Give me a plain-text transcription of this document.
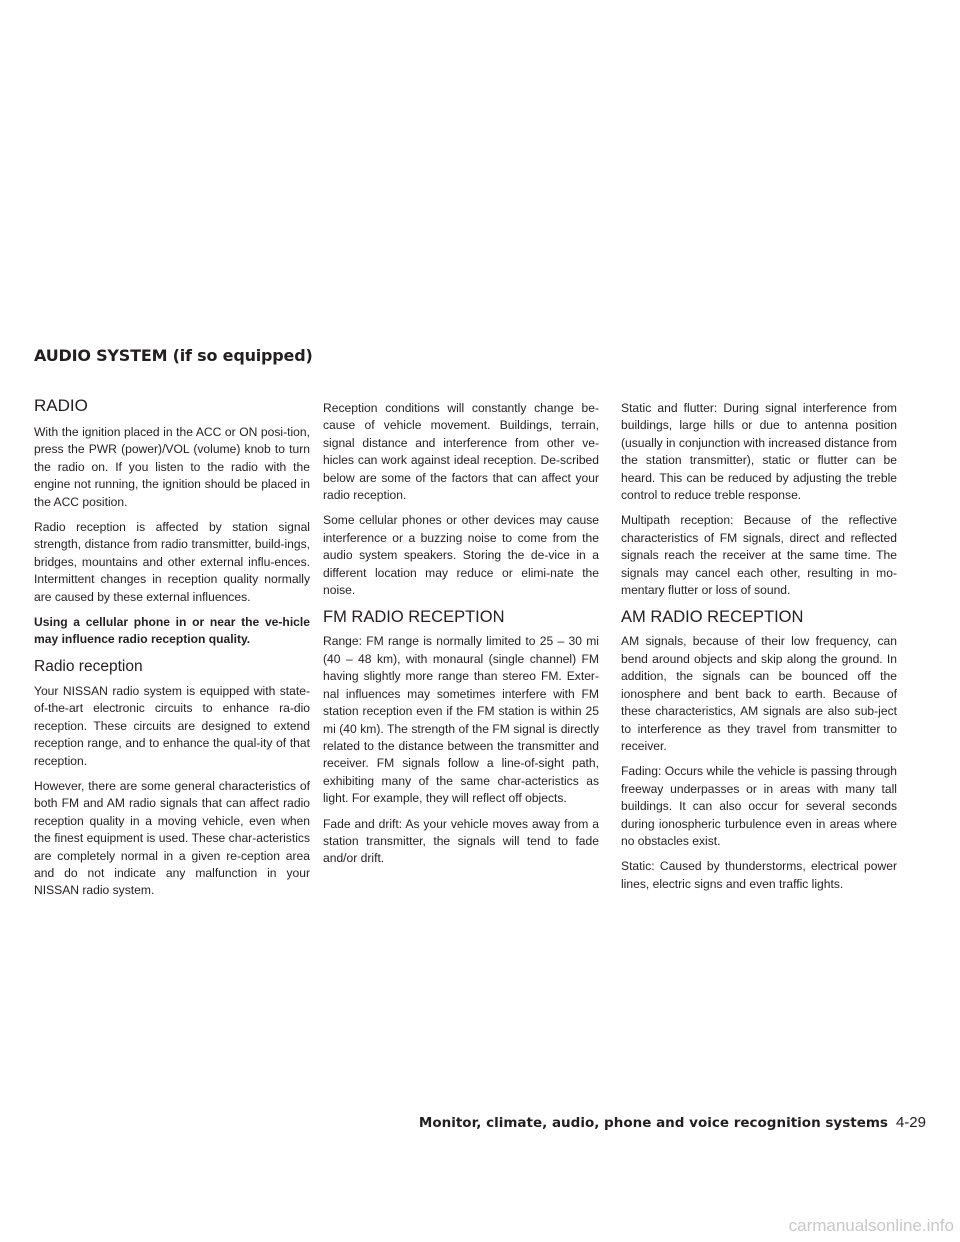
AUDIO SYSTEM (if so equipped)
RADIO

With the ignition placed in the ACC or ON posi-tion, press the PWR (power)/VOL (volume) knob to turn the radio on. If you listen to the radio with the engine not running, the ignition should be placed in the ACC position.

Radio reception is affected by station signal strength, distance from radio transmitter, build-ings, bridges, mountains and other external influ-ences. Intermittent changes in reception quality normally are caused by these external influences.

Using a cellular phone in or near the ve-hicle may influence radio reception quality.

Radio reception

Your NISSAN radio system is equipped with state-of-the-art electronic circuits to enhance ra-dio reception. These circuits are designed to extend reception range, and to enhance the qual-ity of that reception.

However, there are some general characteristics of both FM and AM radio signals that can affect radio reception quality in a moving vehicle, even when the finest equipment is used. These char-acteristics are completely normal in a given re-ception area and do not indicate any malfunction in your NISSAN radio system.

Reception conditions will constantly change be-cause of vehicle movement. Buildings, terrain, signal distance and interference from other ve-hicles can work against ideal reception. De-scribed below are some of the factors that can affect your radio reception.

Some cellular phones or other devices may cause interference or a buzzing noise to come from the audio system speakers. Storing the de-vice in a different location may reduce or elimi-nate the noise.

FM RADIO RECEPTION

Range: FM range is normally limited to 25 – 30 mi (40 – 48 km), with monaural (single channel) FM having slightly more range than stereo FM. Exter-nal influences may sometimes interfere with FM station reception even if the FM station is within 25 mi (40 km). The strength of the FM signal is directly related to the distance between the transmitter and receiver. FM signals follow a line-of-sight path, exhibiting many of the same char-acteristics as light. For example, they will reflect off objects.

Fade and drift: As your vehicle moves away from a station transmitter, the signals will tend to fade and/or drift.

Static and flutter: During signal interference from buildings, large hills or due to antenna position (usually in conjunction with increased distance from the station transmitter), static or flutter can be heard. This can be reduced by adjusting the treble control to reduce treble response.

Multipath reception: Because of the reflective characteristics of FM signals, direct and reflected signals reach the receiver at the same time. The signals may cancel each other, resulting in mo-mentary flutter or loss of sound.

AM RADIO RECEPTION

AM signals, because of their low frequency, can bend around objects and skip along the ground. In addition, the signals can be bounced off the ionosphere and bent back to earth. Because of these characteristics, AM signals are also sub-ject to interference as they travel from transmitter to receiver.

Fading: Occurs while the vehicle is passing through freeway underpasses or in areas with many tall buildings. It can also occur for several seconds during ionospheric turbulence even in areas where no obstacles exist.

Static: Caused by thunderstorms, electrical power lines, electric signs and even traffic lights.

Monitor, climate, audio, phone and voice recognition systems 4-29
carmanualsonline.info
